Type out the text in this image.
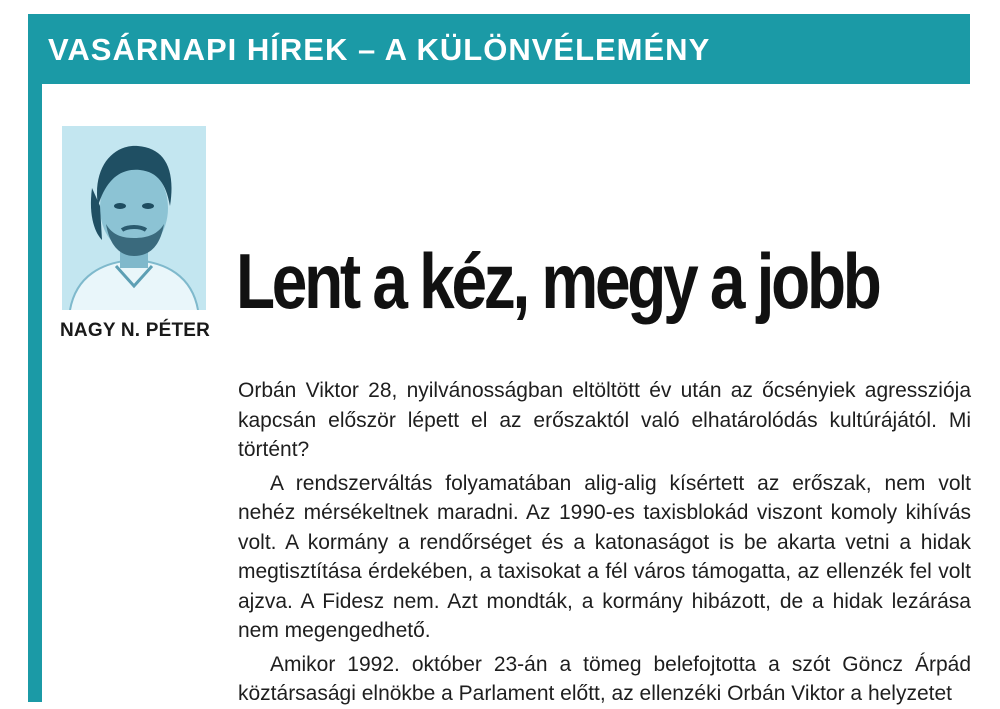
VASÁRNAPI HÍREK – A KÜLÖNVÉLEMÉNY
NAGY N. PÉTER
Lent a kéz, megy a jobb

Orbán Viktor 28, nyilvánosságban eltöltött év után az őcsényiek agressziója kapcsán először lépett el az erőszaktól való elhatárolódás kultúrájától. Mi történt?

A rendszerváltás folyamatában alig-alig kísértett az erőszak, nem volt nehéz mérsékeltnek maradni. Az 1990-es taxisblokád viszont komoly kihívás volt. A kormány a rendőrséget és a katonaságot is be akarta vetni a hidak megtisztítása érdekében, a taxisokat a fél város támogatta, az ellenzék fel volt ajzva. A Fidesz nem. Azt mondták, a kormány hibázott, de a hidak lezárása nem megengedhető.

Amikor 1992. október 23-án a tömeg belefojtotta a szót Göncz Árpád köztársasági elnökbe a Parlament előtt, az ellenzéki Orbán Viktor a helyzetet
